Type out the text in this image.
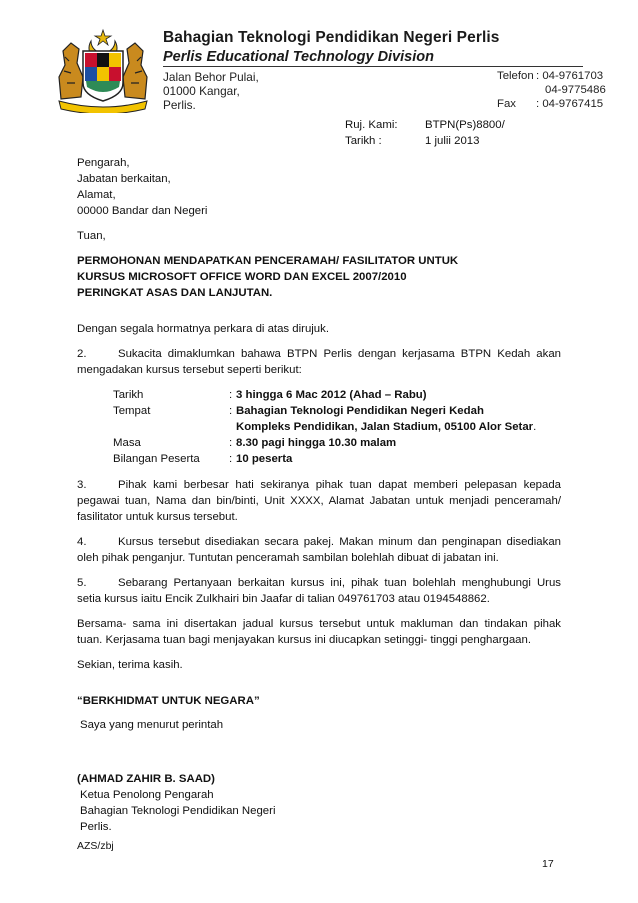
Bahagian Teknologi Pendidikan Negeri Perlis
Perlis Educational Technology Division
Jalan Behor Pulai,
01000 Kangar,
Perlis.
Telefon : 04-9761703
04-9775486
Fax : 04-9767415
Ruj. Kami: BTPN(Ps)8800/
Tarikh :	1 julii 2013
Pengarah,
Jabatan berkaitan,
Alamat,
00000 Bandar dan Negeri
Tuan,
PERMOHONAN MENDAPATKAN PENCERAMAH/ FASILITATOR UNTUK
KURSUS MICROSOFT OFFICE WORD DAN EXCEL 2007/2010
PERINGKAT ASAS DAN LANJUTAN.
Dengan segala hormatnya perkara di atas dirujuk.
2.	Sukacita dimaklumkan bahawa BTPN Perlis dengan kerjasama BTPN Kedah akan
mengadakan kursus tersebut seperti berikut:
Tarikh	: 3 hingga 6 Mac 2012 (Ahad – Rabu)
Tempat	: Bahagian Teknologi Pendidikan Negeri Kedah
Kompleks Pendidikan, Jalan Stadium, 05100 Alor Setar.
Masa	: 8.30 pagi hingga 10.30 malam
Bilangan Peserta	: 10 peserta
3.	Pihak kami berbesar hati sekiranya pihak tuan dapat memberi pelepasan kepada
pegawai tuan, Nama dan bin/binti, Unit XXXX, Alamat Jabatan untuk menjadi penceramah/
fasilitator untuk kursus tersebut.
4.	Kursus tersebut disediakan secara pakej. Makan minum dan penginapan disediakan
oleh pihak penganjur. Tuntutan penceramah sambilan bolehlah dibuat di jabatan ini.
5.	Sebarang Pertanyaan berkaitan kursus ini, pihak tuan bolehlah menghubungi Urus
setia kursus iaitu Encik Zulkhairi bin Jaafar di talian 049761703 atau 0194548862.
Bersama- sama ini disertakan jadual kursus tersebut untuk makluman dan tindakan pihak
tuan. Kerjasama tuan bagi menjayakan kursus ini diucapkan setinggi- tinggi penghargaan.
Sekian, terima kasih.
“BERKHIDMAT UNTUK NEGARA”
Saya yang menurut perintah
(AHMAD ZAHIR B. SAAD)
Ketua Penolong Pengarah
Bahagian Teknologi Pendidikan Negeri
Perlis.
AZS/zbj
17
